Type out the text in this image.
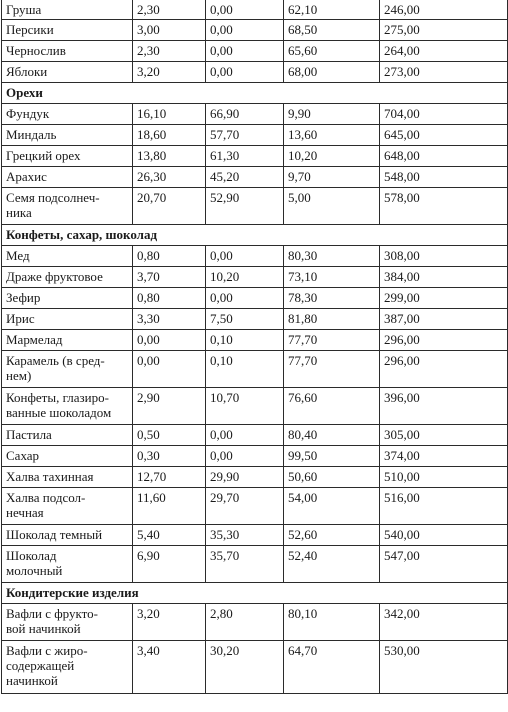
Груша	2,30	0,00	62,10	246,00
Персики	3,00	0,00	68,50	275,00
Чернослив	2,30	0,00	65,60	264,00
Яблоки	3,20	0,00	68,00	273,00
Орехи				
Фундук	16,10	66,90	9,90	704,00
Миндаль	18,60	57,70	13,60	645,00
Грецкий орех	13,80	61,30	10,20	648,00
Арахис	26,30	45,20	9,70	548,00
Семя подсолнеч-
ника	20,70	52,90	5,00	578,00
Конфеты, сахар, шоколад				
Мед	0,80	0,00	80,30	308,00
Драже фруктовое	3,70	10,20	73,10	384,00
Зефир	0,80	0,00	78,30	299,00
Ирис	3,30	7,50	81,80	387,00
Мармелад	0,00	0,10	77,70	296,00
Карамель (в сред-
нем)	0,00	0,10	77,70	296,00
Конфеты, глазиро-
ванные шоколадом	2,90	10,70	76,60	396,00
Пастила	0,50	0,00	80,40	305,00
Сахар	0,30	0,00	99,50	374,00
Халва тахинная	12,70	29,90	50,60	510,00
Халва подсол-
нечная	11,60	29,70	54,00	516,00
Шоколад темный	5,40	35,30	52,60	540,00
Шоколад
молочный	6,90	35,70	52,40	547,00
Кондитерские изделия				
Вафли с фрукто-
вой начинкой	3,20	2,80	80,10	342,00
Вафли с жиро-
содержащей
начинкой	3,40	30,20	64,70	530,00
